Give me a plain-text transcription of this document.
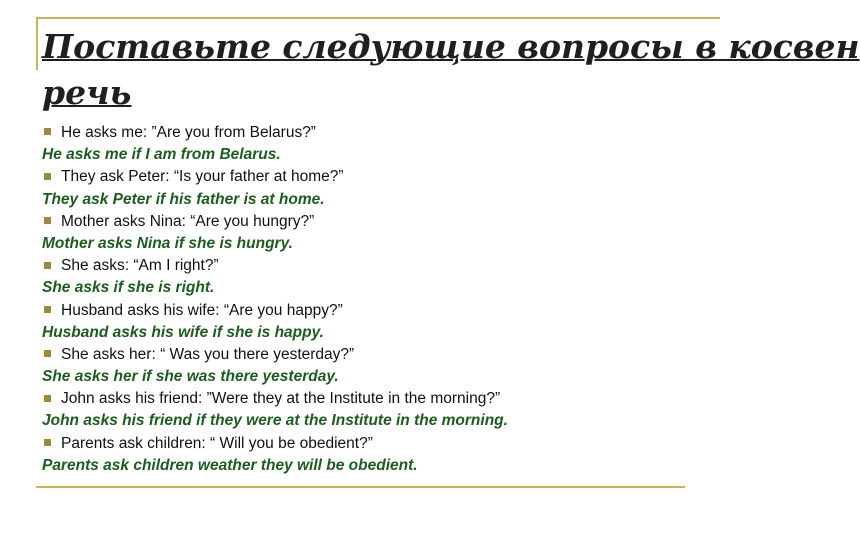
Поставьте следующие вопросы в косвен
речь
He asks me: ”Are you from Belarus?”
He asks me if I am from Belarus.
They ask Peter: “Is your father at home?”
They ask Peter if his father is at home.
Mother asks Nina: “Are you hungry?”
Mother asks Nina if she is hungry.
She asks: “Am I right?”
She asks if she is right.
Husband asks his wife: “Are you happy?”
Husband asks his wife if she is happy.
She asks her: “ Was you there yesterday?”
She asks her if she was there yesterday.
John asks his friend: ”Were they at the Institute in the morning?”
John asks his friend if they were at the Institute in the morning.
Parents ask children: “ Will you be obedient?”
Parents ask children weather they will be obedient.
